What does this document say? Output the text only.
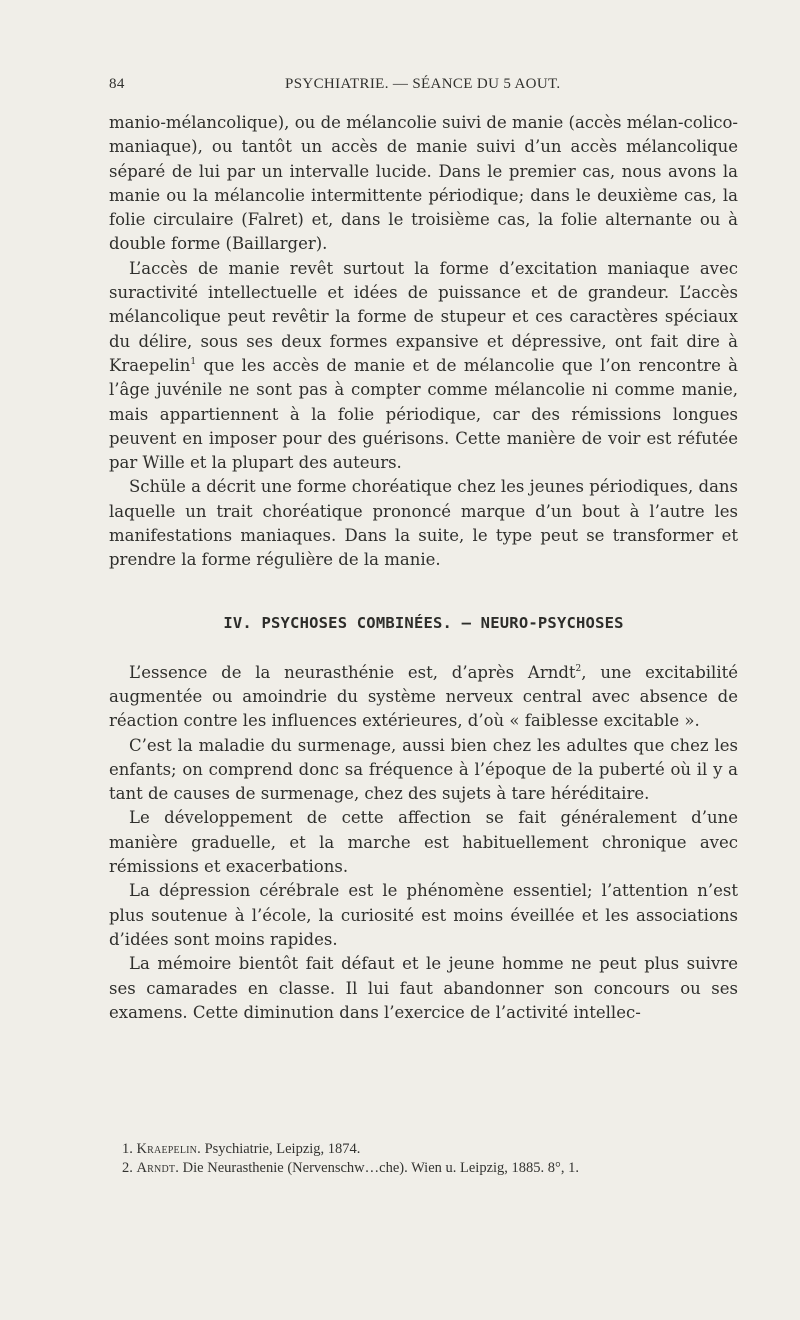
84	PSYCHIATRIE. — SÉANCE DU 5 AOUT.

manio-mélancolique), ou de mélancolie suivi de manie (accès mélan-colico-maniaque), ou tantôt un accès de manie suivi d’un accès mélancolique séparé de lui par un intervalle lucide. Dans le premier cas, nous avons la manie ou la mélancolie intermittente périodique; dans le deuxième cas, la folie circulaire (Falret) et, dans le troisième cas, la folie alternante ou à double forme (Baillarger).

L’accès de manie revêt surtout la forme d’excitation maniaque avec suractivité intellectuelle et idées de puissance et de grandeur. L’accès mélancolique peut revêtir la forme de stupeur et ces caractères spéciaux du délire, sous ses deux formes expansive et dépressive, ont fait dire à Kraepelin$^1$ que les accès de manie et de mélancolie que l’on rencontre à l’âge juvénile ne sont pas à compter comme mélancolie ni comme manie, mais appartiennent à la folie périodique, car des rémissions longues peuvent en imposer pour des guérisons. Cette manière de voir est réfutée par Wille et la plupart des auteurs.

Schüle a décrit une forme choréatique chez les jeunes périodiques, dans laquelle un trait choréatique prononcé marque d’un bout à l’autre les manifestations maniaques. Dans la suite, le type peut se transformer et prendre la forme régulière de la manie.

IV. PSYCHOSES COMBINÉES. — NEURO-PSYCHOSES

L’essence de la neurasthénie est, d’après Arndt$^2$, une excitabilité augmentée ou amoindrie du système nerveux central avec absence de réaction contre les influences extérieures, d’où « faiblesse excitable ».

C’est la maladie du surmenage, aussi bien chez les adultes que chez les enfants; on comprend donc sa fréquence à l’époque de la puberté où il y a tant de causes de surmenage, chez des sujets à tare héréditaire.

Le développement de cette affection se fait généralement d’une manière graduelle, et la marche est habituellement chronique avec rémissions et exacerbations.

La dépression cérébrale est le phénomène essentiel; l’attention n’est plus soutenue à l’école, la curiosité est moins éveillée et les associations d’idées sont moins rapides.

La mémoire bientôt fait défaut et le jeune homme ne peut plus suivre ses camarades en classe. Il lui faut abandonner son concours ou ses examens. Cette diminution dans l’exercice de l’activité intellec-

1. Kraepelin. Psychiatrie, Leipzig, 1874.

2. Arndt. Die Neurasthenie (Nervenschw…che). Wien u. Leipzig, 1885. 8°, 1.
